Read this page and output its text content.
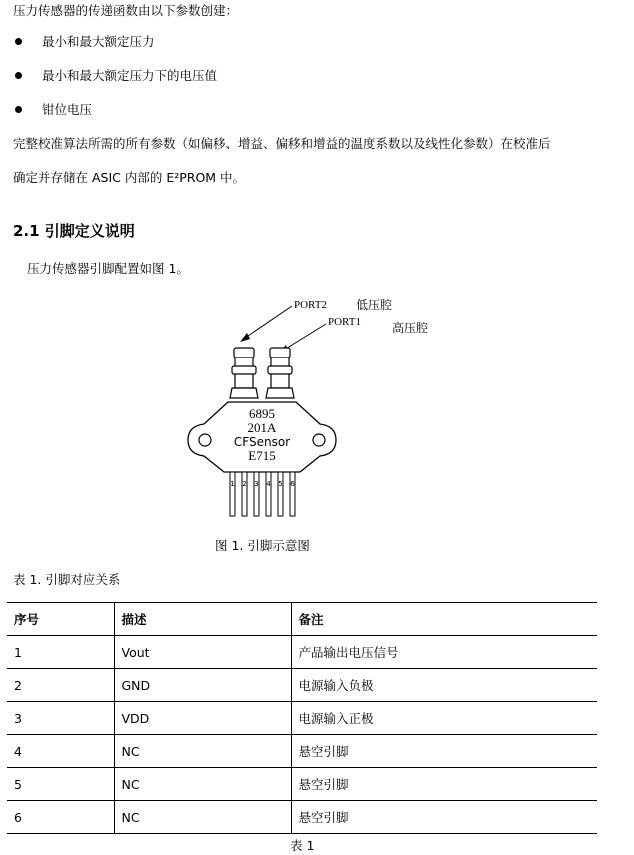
压力传感器的传递函数由以下参数创建：
最小和最大额定压力
最小和最大额定压力下的电压值
钳位电压
完整校准算法所需的所有参数（如偏移、增益、偏移和增益的温度系数以及线性化参数）在校准后
确定并存储在 ASIC 内部的 E²PROM 中。
2.1 引脚定义说明
压力传感器引脚配置如图 1。
PORT2 低压腔
PORT1	高压腔
6895
201A
CFSensor
E715
1 2 3 4 5 6
图 1. 引脚示意图
表 1. 引脚对应关系
序号	描述	备注
1	Vout	产品输出电压信号
2	GND	电源输入负极
3	VDD	电源输入正极
4	NC	悬空引脚
5	NC	悬空引脚
6	NC	悬空引脚
表 1
